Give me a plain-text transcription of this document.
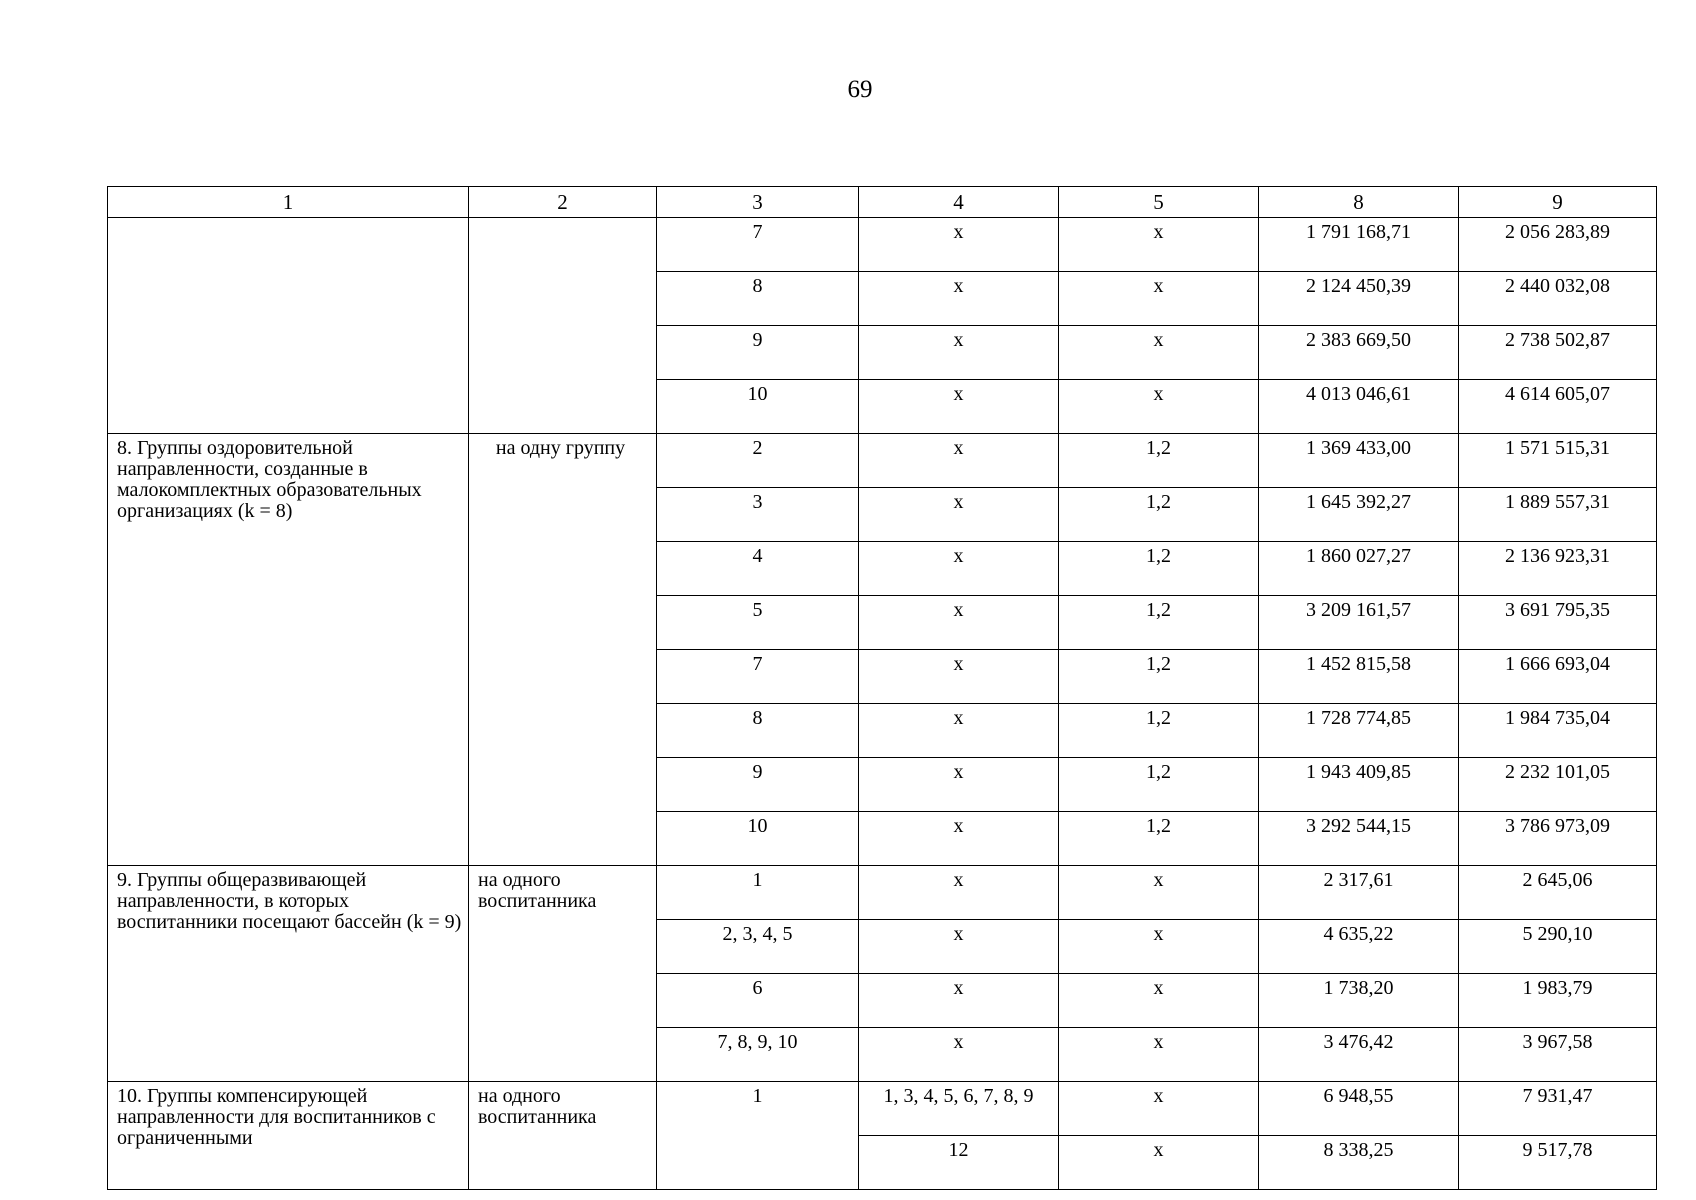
69
1	2	3	4	5	8	9
		7	x	x	1 791 168,71	2 056 283,89
		8	x	x	2 124 450,39	2 440 032,08
		9	x	x	2 383 669,50	2 738 502,87
		10	x	x	4 013 046,61	4 614 605,07
8. Группы оздоровительной направленности, созданные в малокомплектных образовательных организациях (k = 8)	на одну группу	2	x	1,2	1 369 433,00	1 571 515,31
		3	x	1,2	1 645 392,27	1 889 557,31
		4	x	1,2	1 860 027,27	2 136 923,31
		5	x	1,2	3 209 161,57	3 691 795,35
		7	x	1,2	1 452 815,58	1 666 693,04
		8	x	1,2	1 728 774,85	1 984 735,04
		9	x	1,2	1 943 409,85	2 232 101,05
		10	x	1,2	3 292 544,15	3 786 973,09
9. Группы общеразвивающей направленности, в которых воспитанники посещают бассейн (k = 9)	на одного воспитанника	1	x	x	2 317,61	2 645,06
		2, 3, 4, 5	x	x	4 635,22	5 290,10
		6	x	x	1 738,20	1 983,79
		7, 8, 9, 10	x	x	3 476,42	3 967,58
10. Группы компенсирующей направленности для воспитанников с ограниченными	на одного воспитанника	1	1, 3, 4, 5, 6, 7, 8, 9	x	6 948,55	7 931,47
			12	x	8 338,25	9 517,78
